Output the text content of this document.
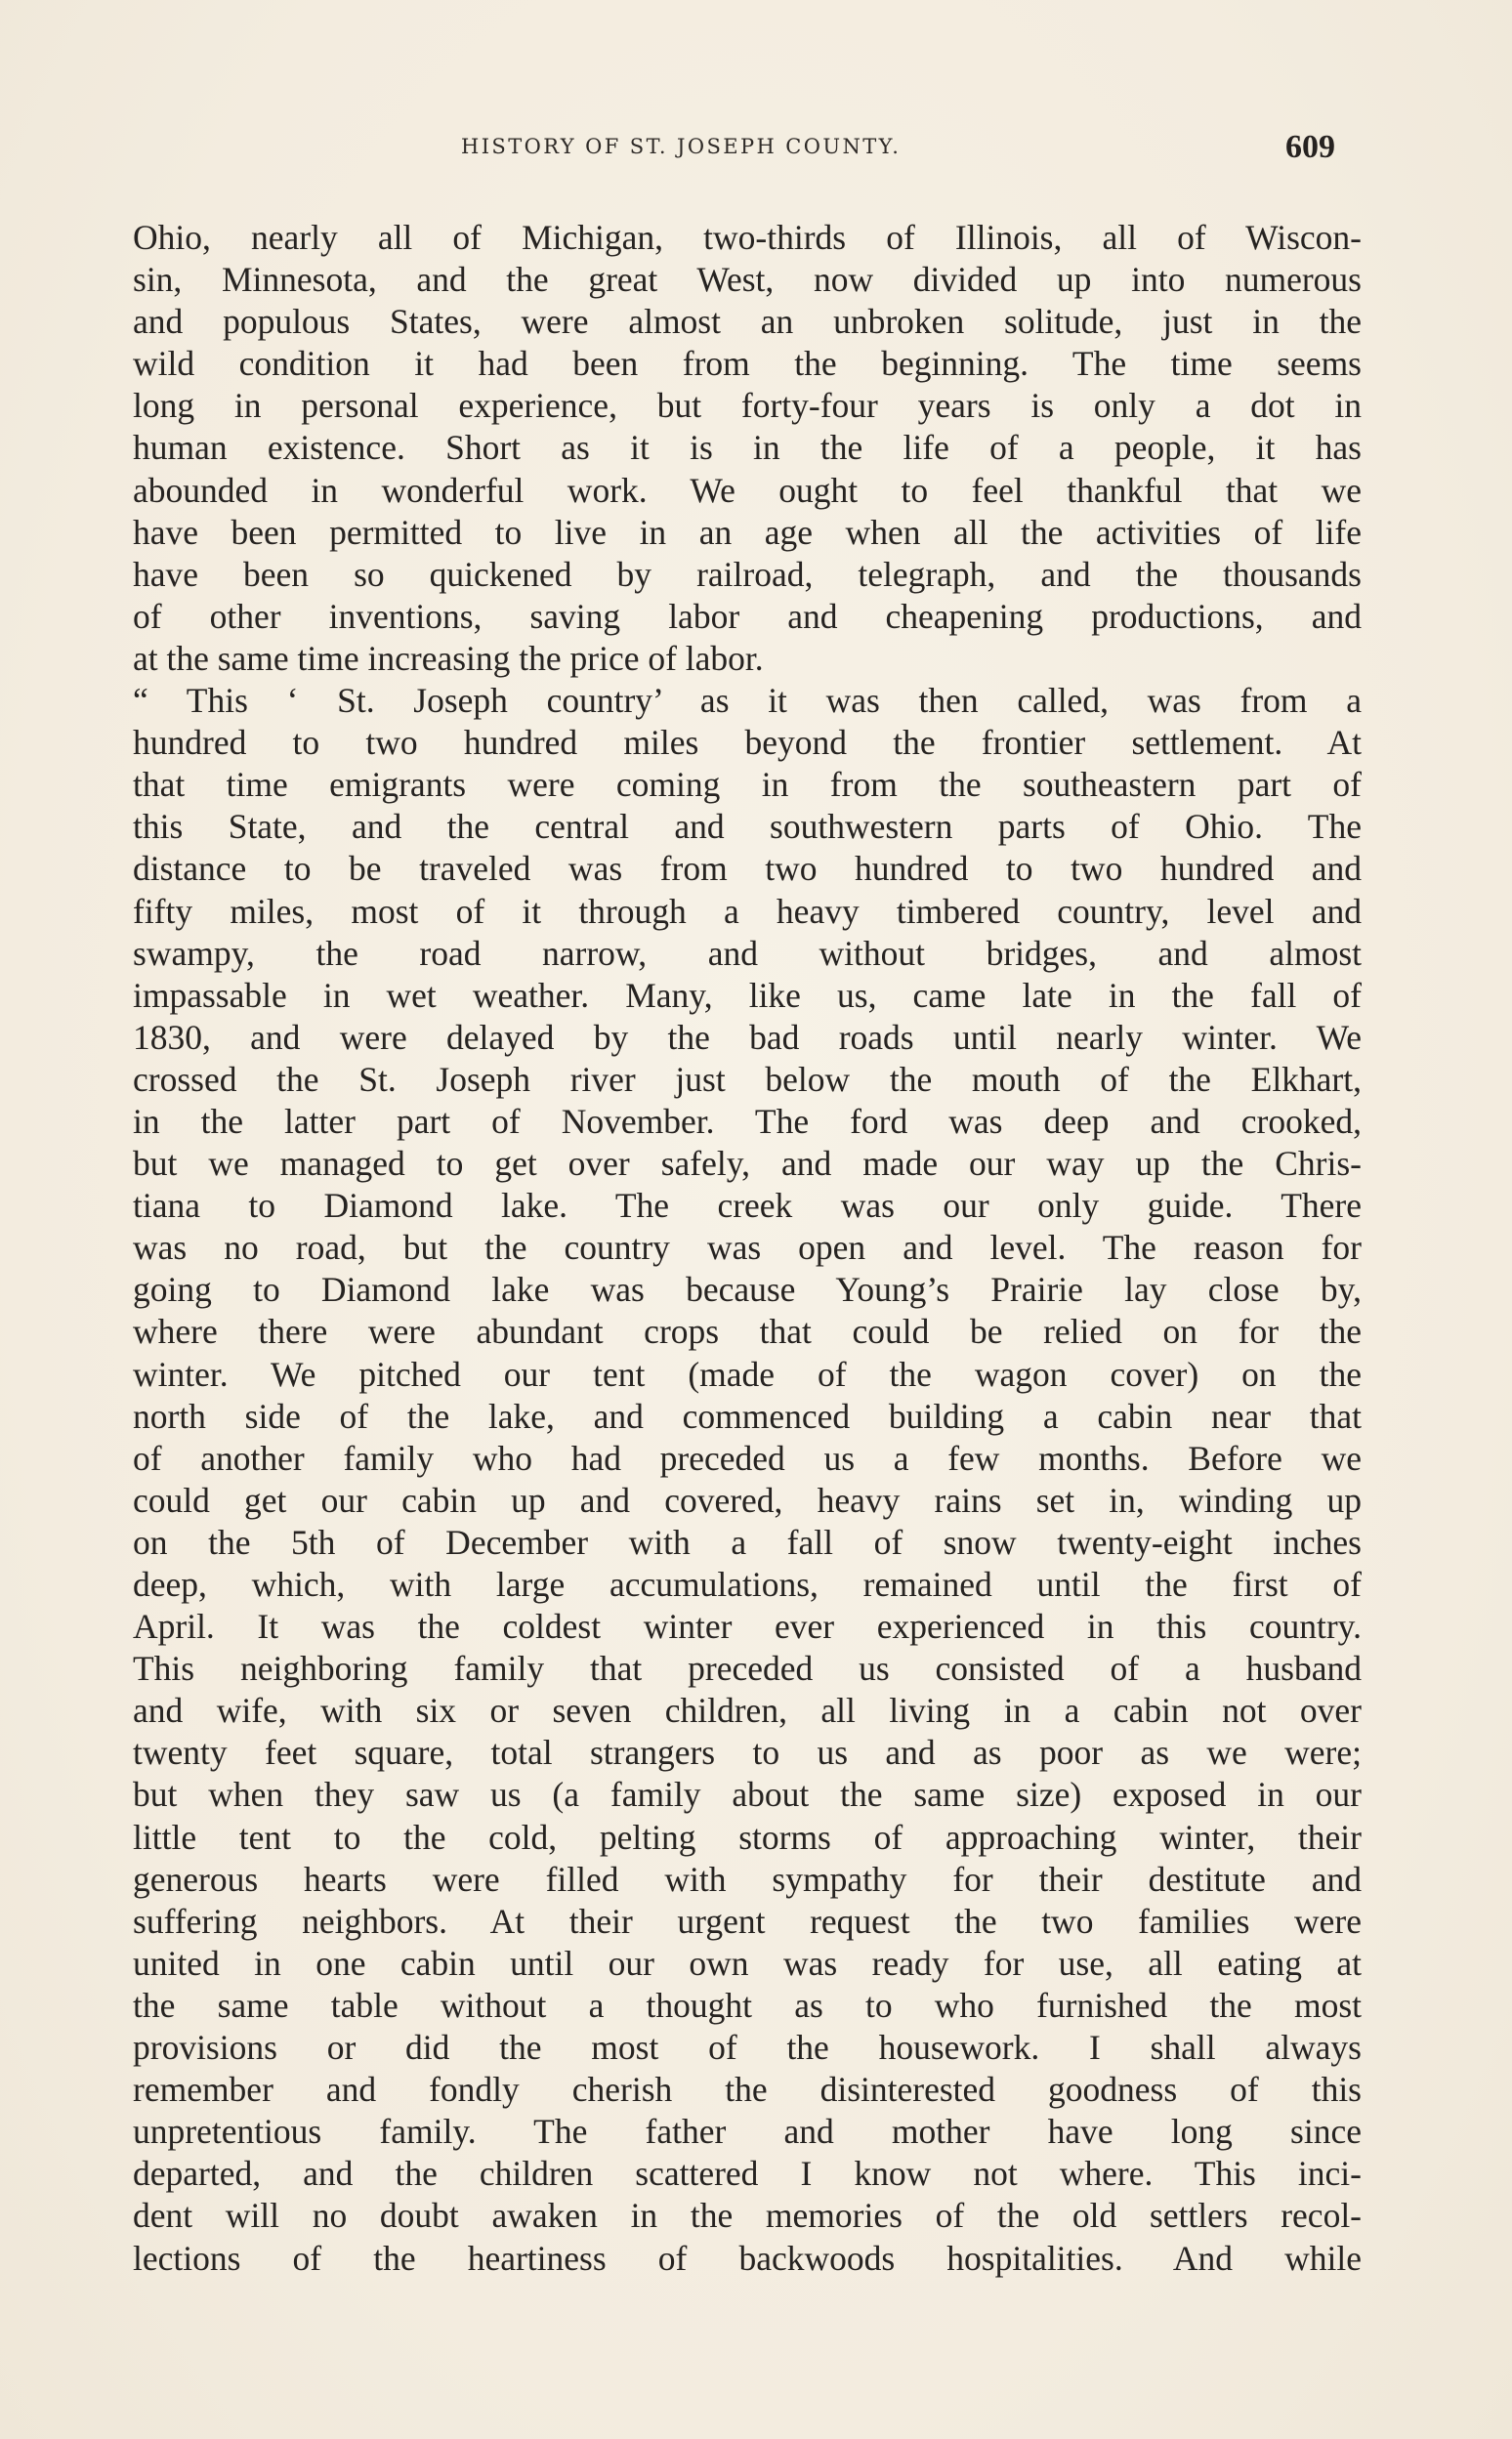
HISTORY OF ST. JOSEPH COUNTY.	609
Ohio, nearly all of Michigan, two-thirds of Illinois, all of Wiscon-
sin, Minnesota, and the great West, now divided up into numerous
and populous States, were almost an unbroken solitude, just in the
wild condition it had been from the beginning. The time seems
long in personal experience, but forty-four years is only a dot in
human existence. Short as it is in the life of a people, it has
abounded in wonderful work. We ought to feel thankful that we
have been permitted to live in an age when all the activities of life
have been so quickened by railroad, telegraph, and the thousands
of other inventions, saving labor and cheapening productions, and
at the same time increasing the price of labor.
“ This ‘ St. Joseph country’ as it was then called, was from a
hundred to two hundred miles beyond the frontier settlement. At
that time emigrants were coming in from the southeastern part of
this State, and the central and southwestern parts of Ohio. The
distance to be traveled was from two hundred to two hundred and
fifty miles, most of it through a heavy timbered country, level and
swampy, the road narrow, and without bridges, and almost
impassable in wet weather. Many, like us, came late in the fall of
1830, and were delayed by the bad roads until nearly winter. We
crossed the St. Joseph river just below the mouth of the Elkhart,
in the latter part of November. The ford was deep and crooked,
but we managed to get over safely, and made our way up the Chris-
tiana to Diamond lake. The creek was our only guide. There
was no road, but the country was open and level. The reason for
going to Diamond lake was because Young’s Prairie lay close by,
where there were abundant crops that could be relied on for the
winter. We pitched our tent (made of the wagon cover) on the
north side of the lake, and commenced building a cabin near that
of another family who had preceded us a few months. Before we
could get our cabin up and covered, heavy rains set in, winding up
on the 5th of December with a fall of snow twenty-eight inches
deep, which, with large accumulations, remained until the first of
April. It was the coldest winter ever experienced in this country.
This neighboring family that preceded us consisted of a husband
and wife, with six or seven children, all living in a cabin not over
twenty feet square, total strangers to us and as poor as we were;
but when they saw us (a family about the same size) exposed in our
little tent to the cold, pelting storms of approaching winter, their
generous hearts were filled with sympathy for their destitute and
suffering neighbors. At their urgent request the two families were
united in one cabin until our own was ready for use, all eating at
the same table without a thought as to who furnished the most
provisions or did the most of the housework. I shall always
remember and fondly cherish the disinterested goodness of this
unpretentious family. The father and mother have long since
departed, and the children scattered I know not where. This inci-
dent will no doubt awaken in the memories of the old settlers recol-
lections of the heartiness of backwoods hospitalities. And while
